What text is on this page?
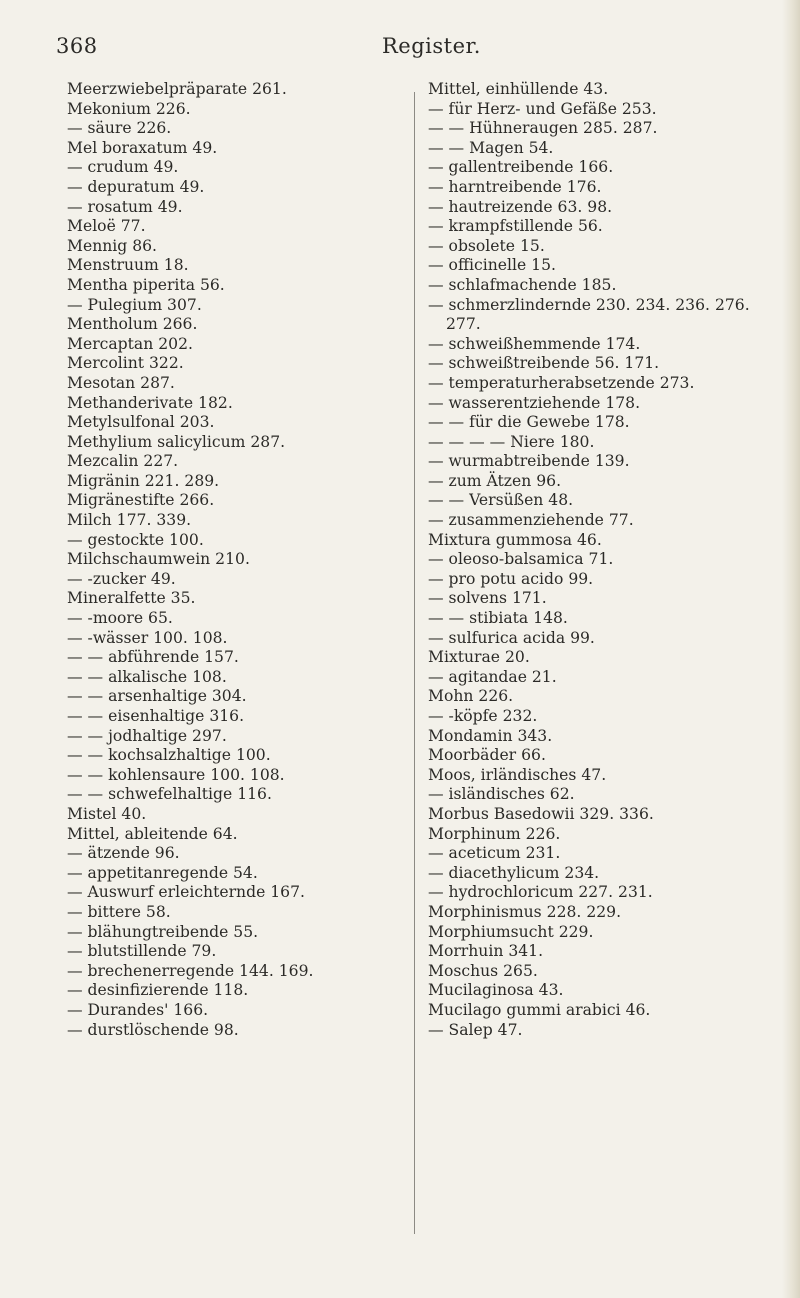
368	Register.
Meerzwiebelpräparate 261.
Mekonium 226.
— säure 226.
Mel boraxatum 49.
— crudum 49.
— depuratum 49.
— rosatum 49.
Meloë 77.
Mennig 86.
Menstruum 18.
Mentha piperita 56.
— Pulegium 307.
Mentholum 266.
Mercaptan 202.
Mercolint 322.
Mesotan 287.
Methanderivate 182.
Metylsulfonal 203.
Methylium salicylicum 287.
Mezcalin 227.
Migränin 221. 289.
Migränestifte 266.
Milch 177. 339.
— gestockte 100.
Milchschaumwein 210.
— -zucker 49.
Mineralfette 35.
— -moore 65.
— -wässer 100. 108.
— — abführende 157.
— — alkalische 108.
— — arsenhaltige 304.
— — eisenhaltige 316.
— — jodhaltige 297.
— — kochsalzhaltige 100.
— — kohlensaure 100. 108.
— — schwefelhaltige 116.
Mistel 40.
Mittel, ableitende 64.
— ätzende 96.
— appetitanregende 54.
— Auswurf erleichternde 167.
— bittere 58.
— blähungtreibende 55.
— blutstillende 79.
— brechenerregende 144. 169.
— desinfizierende 118.
— Durandes' 166.
— durstlöschende 98.
Mittel, einhüllende 43.
— für Herz- und Gefäße 253.
— — Hühneraugen 285. 287.
— — Magen 54.
— gallentreibende 166.
— harntreibende 176.
— hautreizende 63. 98.
— krampfstillende 56.
— obsolete 15.
— officinelle 15.
— schlafmachende 185.
— schmerzlindernde 230. 234. 236. 276.
277.
— schweißhemmende 174.
— schweißtreibende 56. 171.
— temperaturherabsetzende 273.
— wasserentziehende 178.
— — für die Gewebe 178.
— — — — Niere 180.
— wurmabtreibende 139.
— zum Ätzen 96.
— — Versüßen 48.
— zusammenziehende 77.
Mixtura gummosa 46.
— oleoso-balsamica 71.
— pro potu acido 99.
— solvens 171.
— — stibiata 148.
— sulfurica acida 99.
Mixturae 20.
— agitandae 21.
Mohn 226.
— -köpfe 232.
Mondamin 343.
Moorbäder 66.
Moos, irländisches 47.
— isländisches 62.
Morbus Basedowii 329. 336.
Morphinum 226.
— aceticum 231.
— diacethylicum 234.
— hydrochloricum 227. 231.
Morphinismus 228. 229.
Morphiumsucht 229.
Morrhuin 341.
Moschus 265.
Mucilaginosa 43.
Mucilago gummi arabici 46.
— Salep 47.
